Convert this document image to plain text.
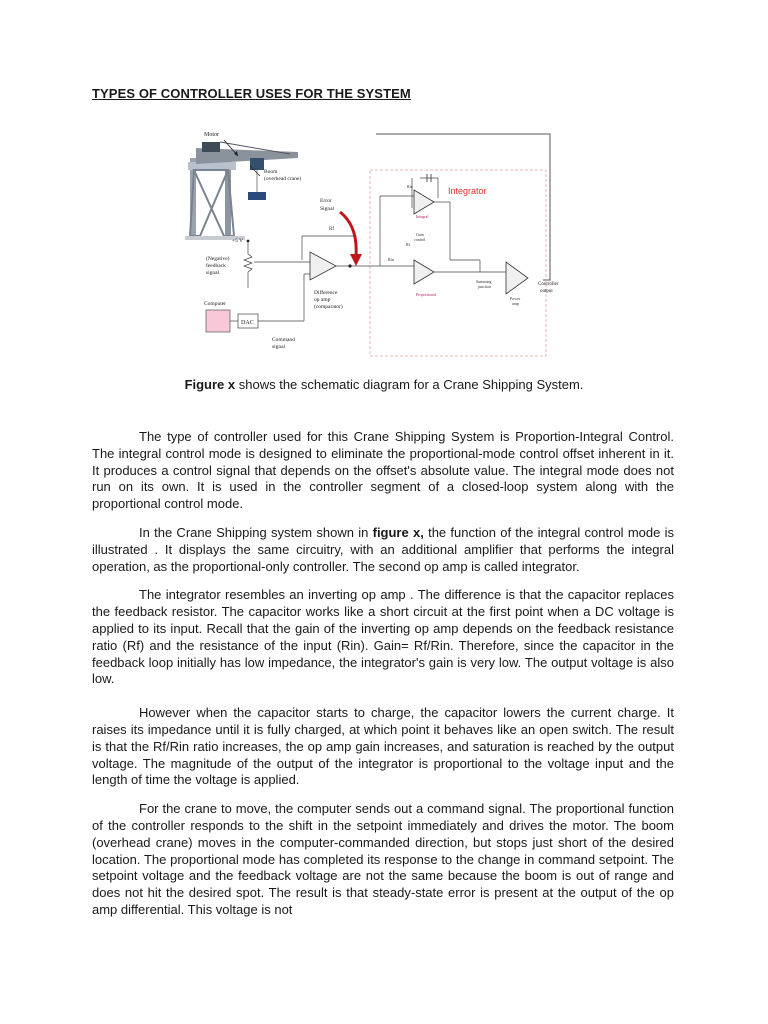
TYPES OF CONTROLLER USES FOR THE SYSTEM
Motor
Boom
(overhead crane)
Error
Signal
Integrator
Rin
Integral
Gain
control
Rf
Proportional
Rin
Summing
junction
Power
amp
Controller
output
Rf
Difference
op amp
(comparator)
+5 V
(Negative)
feedback
signal
Computer
DAC
Command
signal
Figure x shows the schematic diagram for a Crane Shipping System.

The type of controller used for this Crane Shipping System is Proportion-Integral Control. The integral control mode is designed to eliminate the proportional-mode control offset inherent in it. It produces a control signal that depends on the offset's absolute value. The integral mode does not run on its own. It is used in the controller segment of a closed-loop system along with the proportional control mode.

In the Crane Shipping system shown in figure x, the function of the integral control mode is illustrated . It displays the same circuitry, with an additional amplifier that performs the integral operation, as the proportional-only controller. The second op amp is called integrator.

The integrator resembles an inverting op amp . The difference is that the capacitor replaces the feedback resistor. The capacitor works like a short circuit at the first point when a DC voltage is applied to its input. Recall that the gain of the inverting op amp depends on the feedback resistance ratio (Rf) and the resistance of the input (Rin). Gain= Rf/Rin. Therefore, since the capacitor in the feedback loop initially has low impedance, the integrator's gain is very low. The output voltage is also low.

However when the capacitor starts to charge, the capacitor lowers the current charge. It raises its impedance until it is fully charged, at which point it behaves like an open switch. The result is that the Rf/Rin ratio increases, the op amp gain increases, and saturation is reached by the output voltage. The magnitude of the output of the integrator is proportional to the voltage input and the length of time the voltage is applied.

For the crane to move, the computer sends out a command signal. The proportional function of the controller responds to the shift in the setpoint immediately and drives the motor. The boom (overhead crane) moves in the computer-commanded direction, but stops just short of the desired location. The proportional mode has completed its response to the change in command setpoint. The setpoint voltage and the feedback voltage are not the same because the boom is out of range and does not hit the desired spot. The result is that steady-state error is present at the output of the op amp differential. This voltage is not
